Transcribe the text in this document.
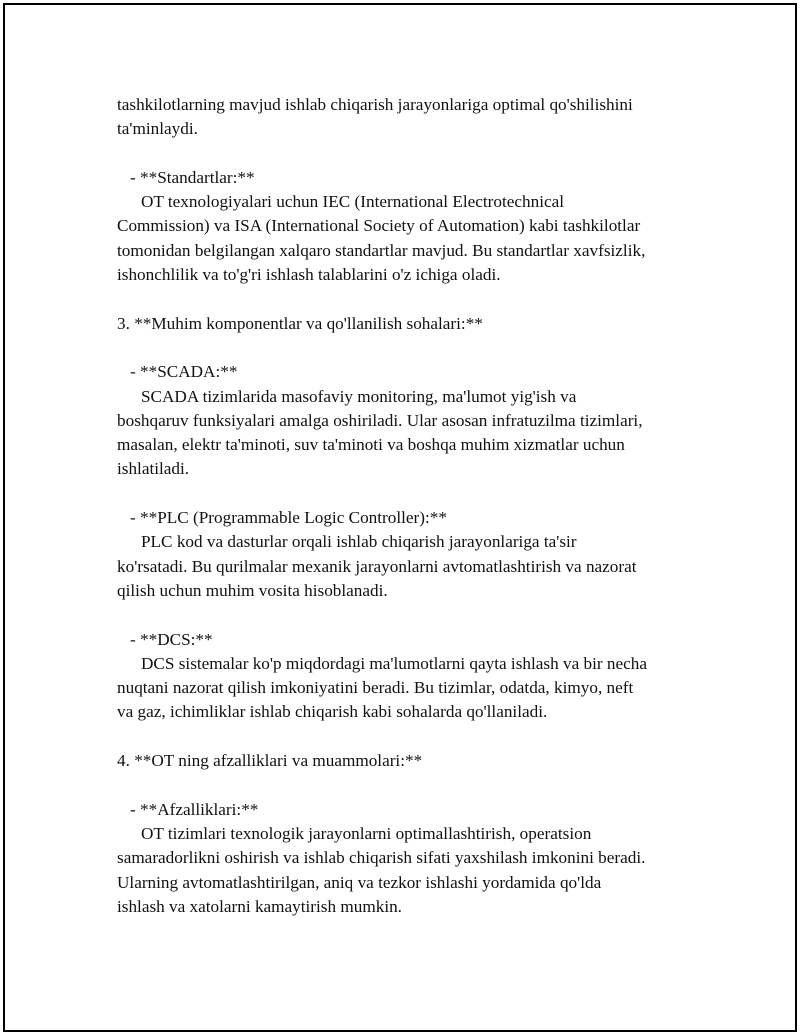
tashkilotlarning mavjud ishlab chiqarish jarayonlariga optimal qo'shilishini
ta'minlaydi.
- **Standartlar:**
OT texnologiyalari uchun IEC (International Electrotechnical
Commission) va ISA (International Society of Automation) kabi tashkilotlar
tomonidan belgilangan xalqaro standartlar mavjud. Bu standartlar xavfsizlik,
ishonchlilik va to'g'ri ishlash talablarini o'z ichiga oladi.
3. **Muhim komponentlar va qo'llanilish sohalari:**
- **SCADA:**
SCADA tizimlarida masofaviy monitoring, ma'lumot yig'ish va
boshqaruv funksiyalari amalga oshiriladi. Ular asosan infratuzilma tizimlari,
masalan, elektr ta'minoti, suv ta'minoti va boshqa muhim xizmatlar uchun
ishlatiladi.
- **PLC (Programmable Logic Controller):**
PLC kod va dasturlar orqali ishlab chiqarish jarayonlariga ta'sir
ko'rsatadi. Bu qurilmalar mexanik jarayonlarni avtomatlashtirish va nazorat
qilish uchun muhim vosita hisoblanadi.
- **DCS:**
DCS sistemalar ko'p miqdordagi ma'lumotlarni qayta ishlash va bir necha
nuqtani nazorat qilish imkoniyatini beradi. Bu tizimlar, odatda, kimyo, neft
va gaz, ichimliklar ishlab chiqarish kabi sohalarda qo'llaniladi.
4. **OT ning afzalliklari va muammolari:**
- **Afzalliklari:**
OT tizimlari texnologik jarayonlarni optimallashtirish, operatsion
samaradorlikni oshirish va ishlab chiqarish sifati yaxshilash imkonini beradi.
Ularning avtomatlashtirilgan, aniq va tezkor ishlashi yordamida qo'lda
ishlash va xatolarni kamaytirish mumkin.
